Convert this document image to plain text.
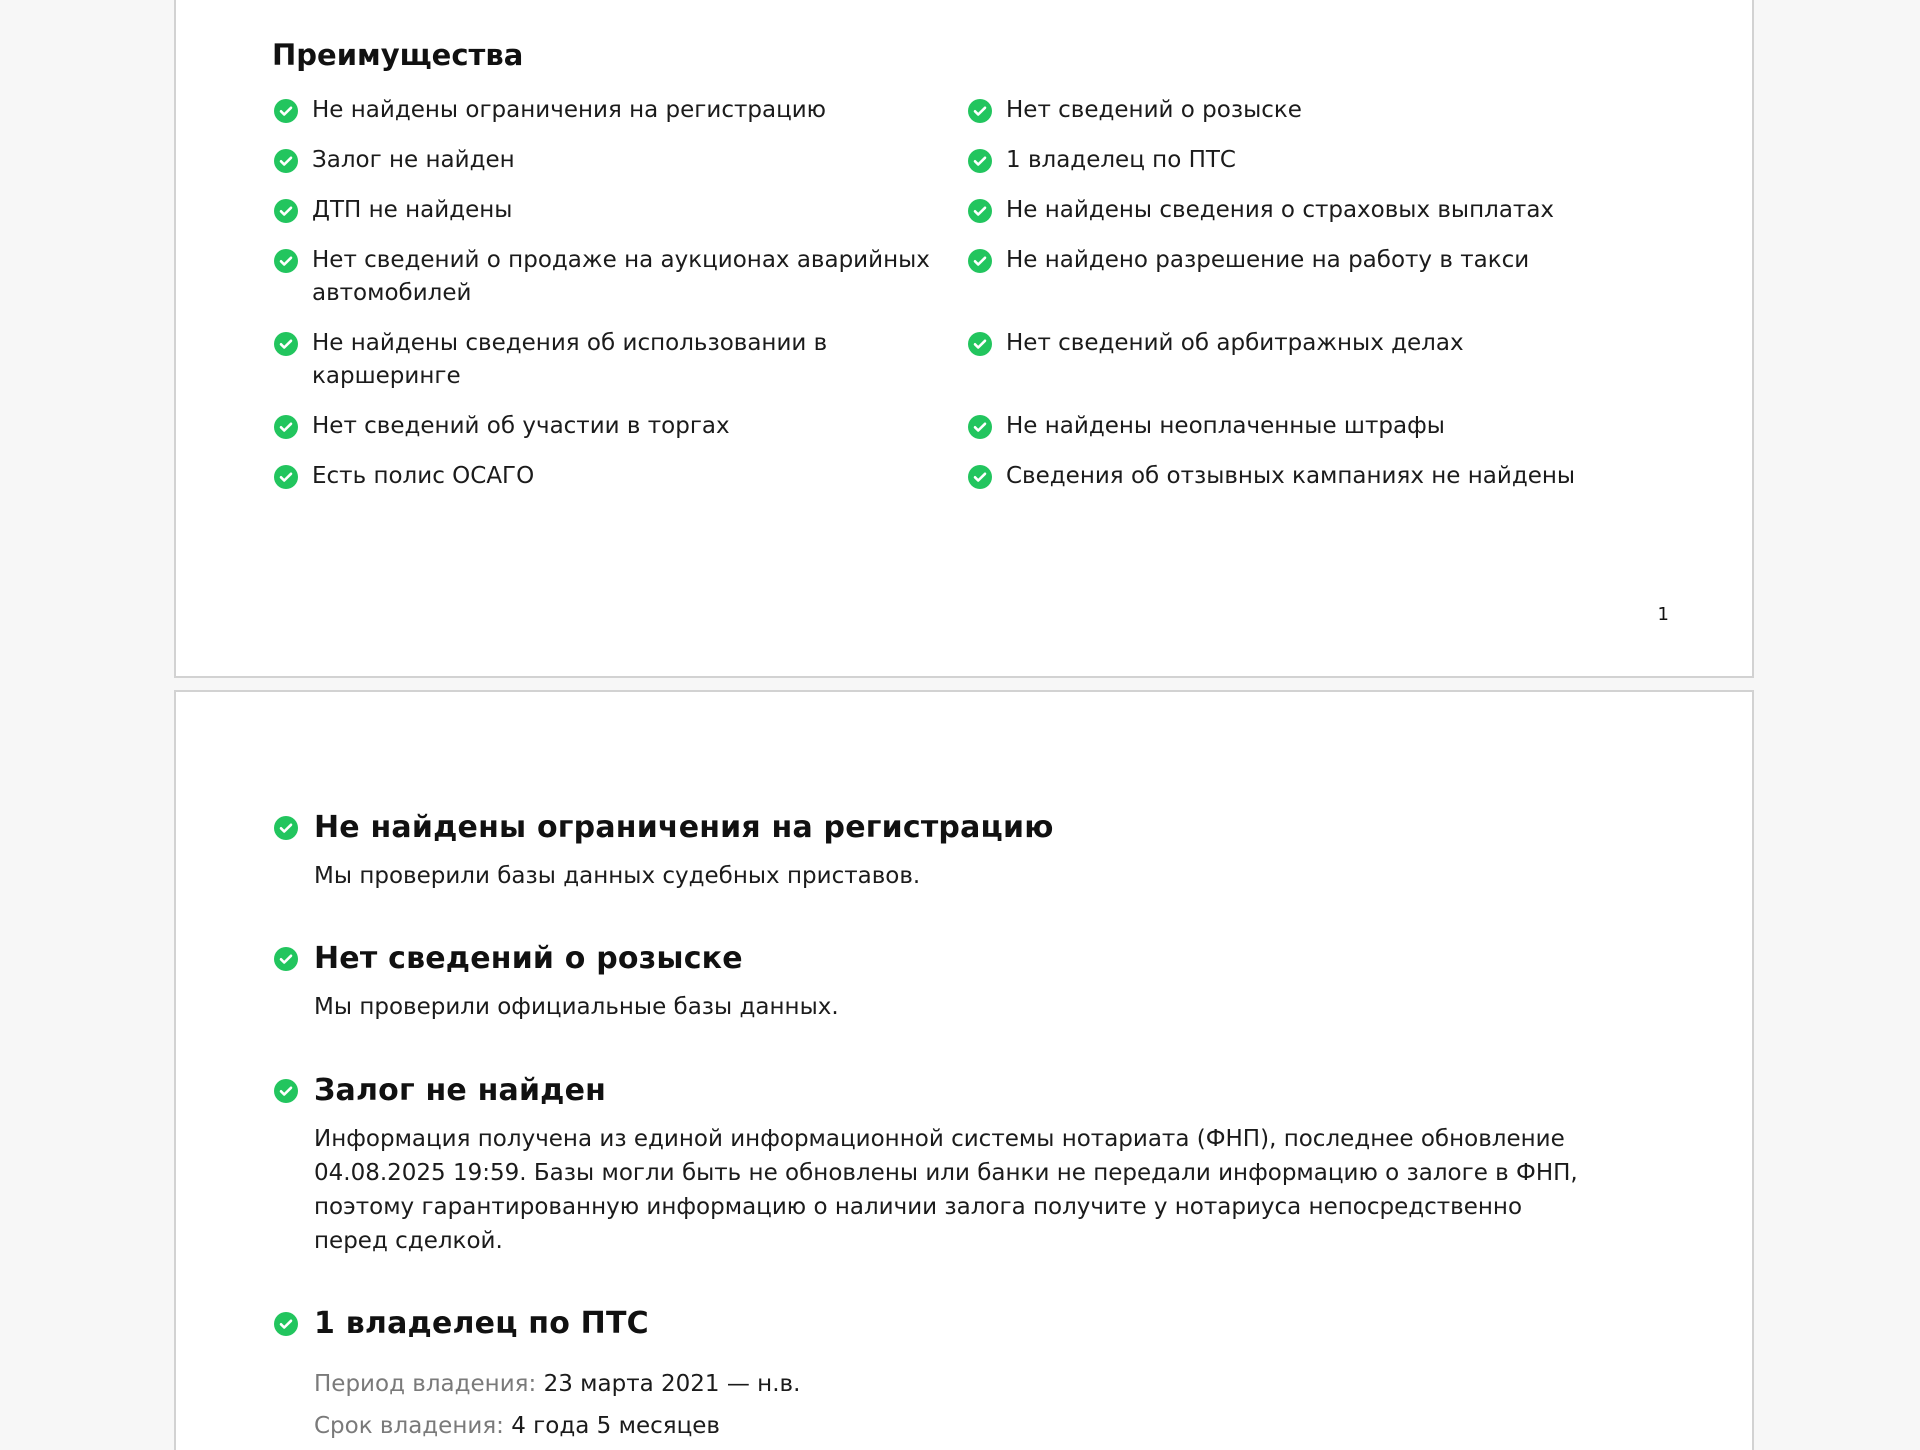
Преимущества
Не найдены ограничения на регистрацию
Залог не найден
ДТП не найдены
Нет сведений о продаже на аукционах аварийных автомобилей
Не найдены сведения об использовании в каршеринге
Нет сведений об участии в торгах
Есть полис ОСАГО
Нет сведений о розыске
1 владелец по ПТС
Не найдены сведения о страховых выплатах
Не найдено разрешение на работу в такси
Нет сведений об арбитражных делах
Не найдены неоплаченные штрафы
Сведения об отзывных кампаниях не найдены
1
Не найдены ограничения на регистрацию
Мы проверили базы данных судебных приставов.
Нет сведений о розыске
Мы проверили официальные базы данных.
Залог не найден
Информация получена из единой информационной системы нотариата (ФНП), последнее обновление 04.08.2025 19:59. Базы могли быть не обновлены или банки не передали информацию о залоге в ФНП, поэтому гарантированную информацию о наличии залога получите у нотариуса непосредственно перед сделкой.
1 владелец по ПТС
Период владения: 23 марта 2021 — н.в.
Срок владения: 4 года 5 месяцев
